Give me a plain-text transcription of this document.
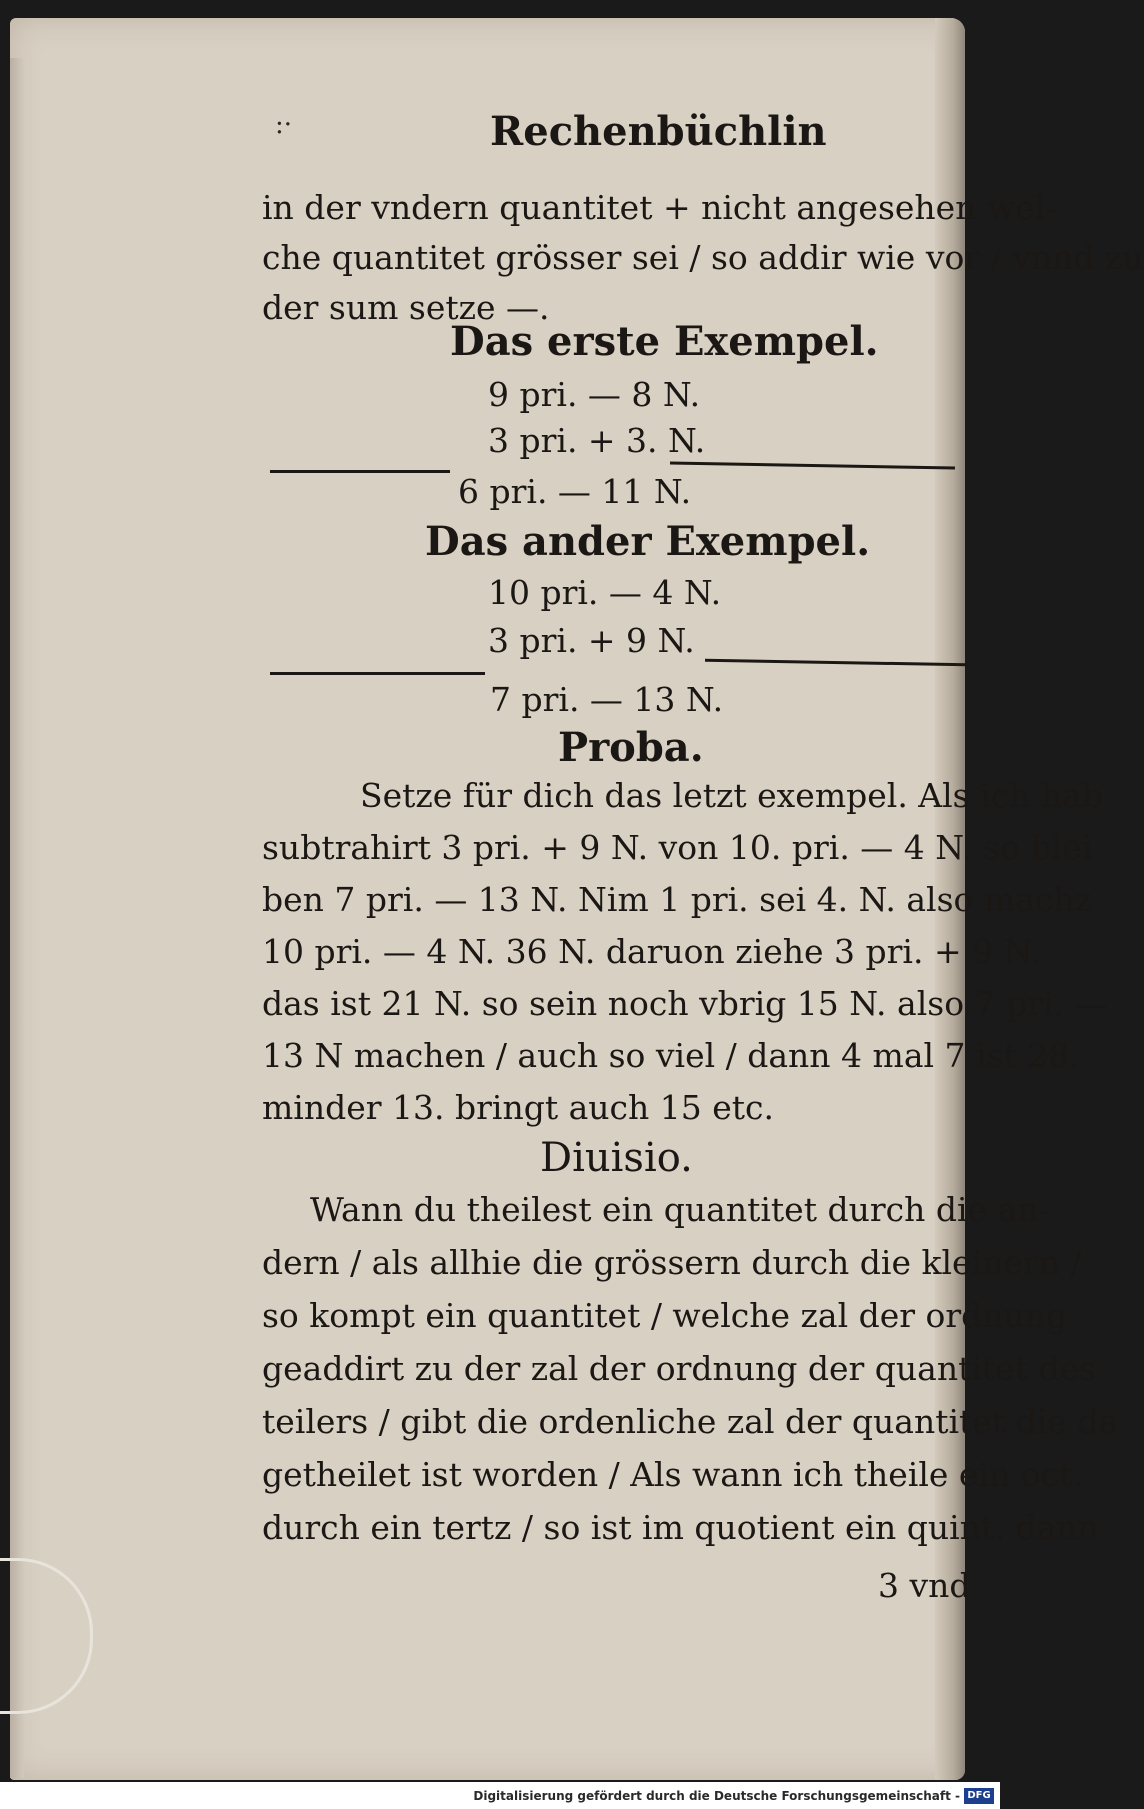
:·	Rechenbüchlin
in der vndern quantitet + nicht angesehen wel-
che quantitet grösser sei / so addir wie vor / vnnd zu
der sum setze —.
Das erste Exempel.
9 pri. — 8 N.
3 pri. + 3. N.
6 pri. — 11 N.
Das ander Exempel.
10 pri. — 4 N.
3 pri. + 9 N.
7 pri. — 13 N.
Proba.
Setze für dich das letzt exempel. Als ich hab
subtrahirt 3 pri. + 9 N. von 10. pri. — 4 N. so blei
ben 7 pri. — 13 N. Nim 1 pri. sei 4. N. also machz
10 pri. — 4 N. 36 N. daruon ziehe 3 pri. + 9 N.
das ist 21 N. so sein noch vbrig 15 N. also 7 pri. —
13 N machen / auch so viel / dann 4 mal 7 ist 28.
minder 13. bringt auch 15 etc.
Diuisio.
Wann du theilest ein quantitet durch die an-
dern / als allhie die grössern durch die kleinern /
so kompt ein quantitet / welche zal der ordnung
geaddirt zu der zal der ordnung der quantitet des
teilers / gibt die ordenliche zal der quantitet die da
getheilet ist worden / Als wann ich theile ein oct.
durch ein tertz / so ist im quotient ein quint. dann
3 vnd
Digitalisierung gefördert durch die Deutsche Forschungsgemeinschaft - DFG
